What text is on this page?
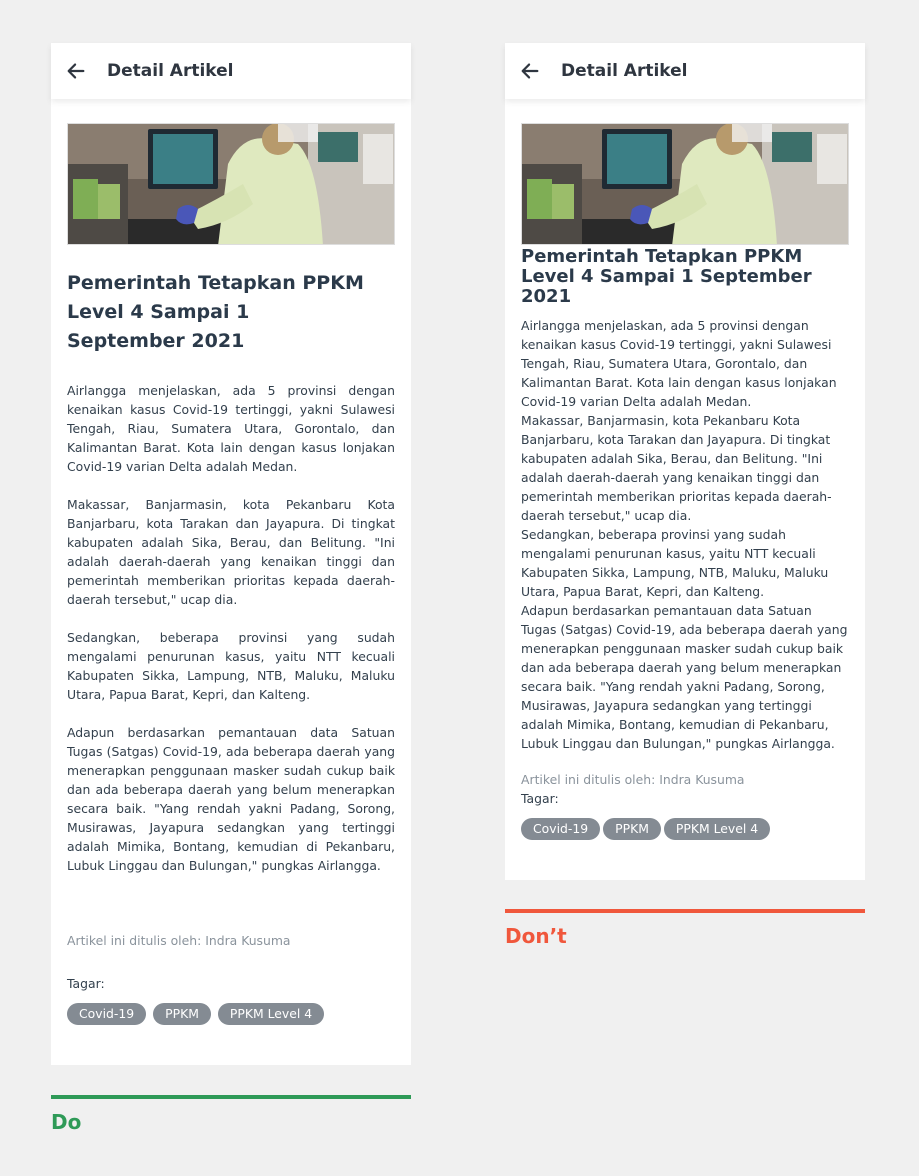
Detail Artikel
Pemerintah Tetapkan PPKM Level 4 Sampai 1 September 2021

Airlangga menjelaskan, ada 5 provinsi dengan kenaikan kasus Covid-19 tertinggi, yakni Sulawesi Tengah, Riau, Sumatera Utara, Gorontalo, dan Kalimantan Barat. Kota lain dengan kasus lonjakan Covid-19 varian Delta adalah Medan.

Makassar, Banjarmasin, kota Pekanbaru Kota Banjarbaru, kota Tarakan dan Jayapura. Di tingkat kabupaten adalah Sika, Berau, dan Belitung. "Ini adalah daerah-daerah yang kenaikan tinggi dan pemerintah memberikan prioritas kepada daerah-daerah tersebut," ucap dia.

Sedangkan, beberapa provinsi yang sudah mengalami penurunan kasus, yaitu NTT kecuali Kabupaten Sikka, Lampung, NTB, Maluku, Maluku Utara, Papua Barat, Kepri, dan Kalteng.

Adapun berdasarkan pemantauan data Satuan Tugas (Satgas) Covid-19, ada beberapa daerah yang menerapkan penggunaan masker sudah cukup baik dan ada beberapa daerah yang belum menerapkan secara baik. "Yang rendah yakni Padang, Sorong, Musirawas, Jayapura sedangkan yang tertinggi adalah Mimika, Bontang, kemudian di Pekanbaru, Lubuk Linggau dan Bulungan," pungkas Airlangga.

Artikel ini ditulis oleh: Indra Kusuma
Tagar:
Covid-19	PPKM	PPKM Level 4
Do
Detail Artikel
Pemerintah Tetapkan PPKM Level 4 Sampai 1 September 2021

Airlangga menjelaskan, ada 5 provinsi dengan kenaikan kasus Covid-19 tertinggi, yakni Sulawesi Tengah, Riau, Sumatera Utara, Gorontalo, dan Kalimantan Barat. Kota lain dengan kasus lonjakan Covid-19 varian Delta adalah Medan.

Makassar, Banjarmasin, kota Pekanbaru Kota Banjarbaru, kota Tarakan dan Jayapura. Di tingkat kabupaten adalah Sika, Berau, dan Belitung. "Ini adalah daerah-daerah yang kenaikan tinggi dan pemerintah memberikan prioritas kepada daerah-daerah tersebut," ucap dia.

Sedangkan, beberapa provinsi yang sudah mengalami penurunan kasus, yaitu NTT kecuali Kabupaten Sikka, Lampung, NTB, Maluku, Maluku Utara, Papua Barat, Kepri, dan Kalteng.

Adapun berdasarkan pemantauan data Satuan Tugas (Satgas) Covid-19, ada beberapa daerah yang menerapkan penggunaan masker sudah cukup baik dan ada beberapa daerah yang belum menerapkan secara baik. "Yang rendah yakni Padang, Sorong, Musirawas, Jayapura sedangkan yang tertinggi adalah Mimika, Bontang, kemudian di Pekanbaru, Lubuk Linggau dan Bulungan," pungkas Airlangga.

Artikel ini ditulis oleh: Indra Kusuma
Tagar:
Covid-19	PPKM	PPKM Level 4
Don’t
